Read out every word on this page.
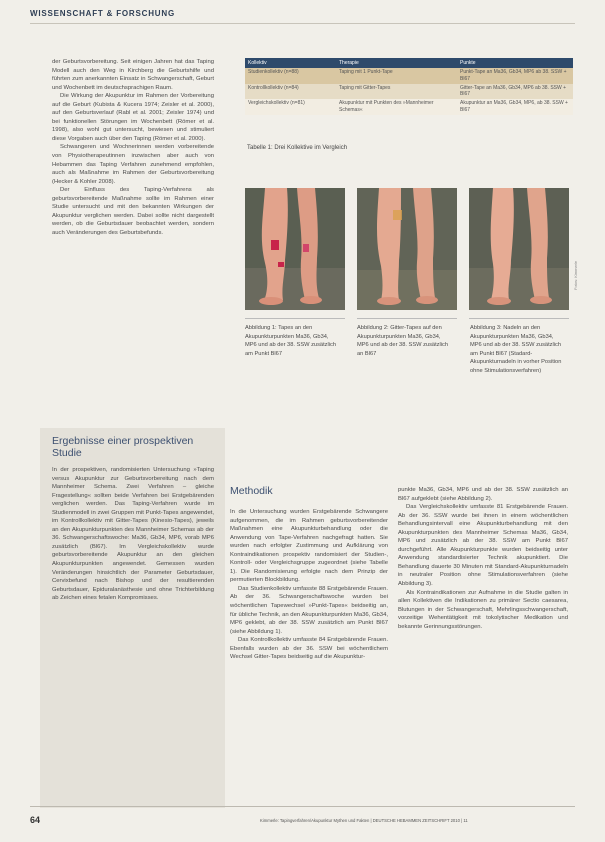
WISSENSCHAFT & FORSCHUNG

der Geburtsvorbereitung. Seit einigen Jahren hat das Taping Modell auch den Weg in Kirchberg die Geburtshilfe und führten zum anerkannten Einsatz in Schwangerschaft, Geburt und Wochenbett im deutschsprachigen Raum.

Die Wirkung der Akupunktur im Rahmen der Vorbereitung auf die Geburt (Kubista & Kucera 1974; Zeisler et al. 2000), auf den Geburtsverlauf (Rabl et al. 2001; Zeisler 1974) und bei funktionellen Störungen im Wochenbett (Römer et al. 1998), also wohl gut untersucht, bewiesen und stimuliert diese Vorgaben auch über den Taping (Römer et al. 2000).

Schwangeren und Wochnerinnen werden vorbereitende von Physiotherapeutinnen inzwischen aber auch von Hebammen das Taping Verfahren zunehmend empfohlen, auch als Maßnahme im Rahmen der Geburtsvorbereitung (Hecker & Kohler 2008).

Der Einfluss des Taping-Verfahrens als geburtsvorbereitende Maßnahme sollte im Rahmen einer Studie untersucht und mit den bekannten Wirkungen der Akupunktur verglichen werden. Dabei sollte nicht dargestellt werden, ob die Geburtsdauer beobachtet werden, sondern auch Veränderungen des Geburtsbefunds.

Ergebnisse einer prospektiven Studie

In der prospektiven, randomisierten Untersuchung »Taping versus Akupunktur zur Geburtsvorbereitung nach dem Mannheimer Schema. Zwei Verfahren – gleiche Fragestellung« sollten beide Verfahren bei Erstgebärenden verglichen werden. Das Taping-Verfahren wurde im Studienmodell in zwei Gruppen mit Punkt-Tapes angewendet, im Kontrollkollektiv mit Gitter-Tapes (Kinesio-Tapes), jeweils an den Akupunkturpunkten des Mannheimer Schemas ab der 36. Schwangerschaftswoche: Ma36, Gb34, MP6, vorab MP6 zusätzlich (Bl67). Im Vergleichskollektiv wurde geburtsvorbereitende Akupunktur an den gleichen Akupunkturpunkten angewendet. Gemessen wurden Veränderungen hinsichtlich der Parameter Geburtsdauer, Cervixbefund nach Bishop und der resultierenden Geburtsdauer, Epiduralanästhesie und ohne Trichterbildung ab Zeichen eines fetalen Kompromisses.

Kollektiv	Therapie	Punkte
Studienkollektiv (n=88)	Taping mit 1 Punkt-Tape	Punkt-Tape an Ma36, Gb34, MP6 ab 38. SSW + Bl67
Kontrollkollektiv (n=84)	Taping mit Gitter-Tapes	Gitter-Tape an Ma36, Gb34, MP6 ab 38. SSW + Bl67
Vergleichskollektiv (n=81)	Akupunktur mit Punkten des »Mannheimer Schemas«	Akupunktur an Ma36, Gb34, MP6, ab 38. SSW + Bl67
Tabelle 1: Drei Kollektive im Vergleich
Fotos: Kimmerle
Abbildung 1: Tapes an den Akupunkturpunkten Ma36, Gb34, MP6 und ab der 38. SSW zusätzlich am Punkt Bl67
Abbildung 2: Gitter-Tapes auf den Akupunkturpunkten Ma36, Gb34, MP6 und ab der 38. SSW zusätzlich an Bl67
Abbildung 3: Nadeln an den Akupunkturpunkten Ma36, Gb34, MP6 und ab der 38. SSW zusätzlich am Punkt Bl67 (Stadard-Akupunkturnadeln in vorher Position ohne Stimulationsverfahren)
Methodik

In die Untersuchung wurden Erstgebärende Schwangere aufgenommen, die im Rahmen geburtsvorbereitender Maßnahmen eine Akupunkturbehandlung oder die Anwendung von Tape-Verfahren nachgefragt hatten. Sie wurden nach erfolgter Zustimmung und Aufklärung von Kontraindikationen prospektiv randomisiert der Studien-, Kontroll- oder Vergleichsgruppe zugeordnet (siehe Tabelle 1). Die Randomisierung erfolgte nach dem Prinzip der permutierten Blockbildung.

Das Studienkollektiv umfasste 88 Erstgebärende Frauen. Ab der 36. Schwangerschaftswoche wurden bei wöchentlichen Tapewechsel »Punkt-Tapes« beidseitig an, für übliche Technik, an den Akupunkturpunkten Ma36, Gb34, MP6 geklebt, ab der 38. SSW zusätzlich am Punkt Bl67 (siehe Abbildung 1).

Das Kontrollkollektiv umfasste 84 Erstgebärende Frauen. Ebenfalls wurden ab der 36. SSW bei wöchentlichem Wechsel Gitter-Tapes beidseitig auf die Akupunktur-

punkte Ma36, Gb34, MP6 und ab der 38. SSW zusätzlich an Bl67 aufgeklebt (siehe Abbildung 2).

Das Vergleichskollektiv umfasste 81 Erstgebärende Frauen. Ab der 36. SSW wurde bei ihnen in einem wöchentlichen Behandlungsintervall eine Akupunkturbehandlung mit den Akupunkturpunkten des Mannheimer Schemas Ma36, Gb34, MP6 und zusätzlich ab der 38. SSW am Punkt Bl67 durchgeführt. Alle Akupunkturpunkte wurden beidseitig unter Anwendung standardisierter Technik akupunktiert. Die Behandlung dauerte 30 Minuten mit Standard-Akupunkturnadeln in neutraler Position ohne Stimulationsverfahren (siehe Abbildung 3).

Als Kontraindikationen zur Aufnahme in die Studie galten in allen Kollektiven die Indikationen zu primärer Sectio caesarea, Blutungen in der Schwangerschaft, Mehrlingsschwangerschaft, vorzeitige Wehentätigkeit mit tokolytischer Medikation und bekannte Gerinnungsstörungen.

64	Kimmerle: Tapingverfahren/Akupunktur Mythen und Fakten | DEUTSCHE HEBAMMEN ZEITSCHRIFT 2010 | 11
